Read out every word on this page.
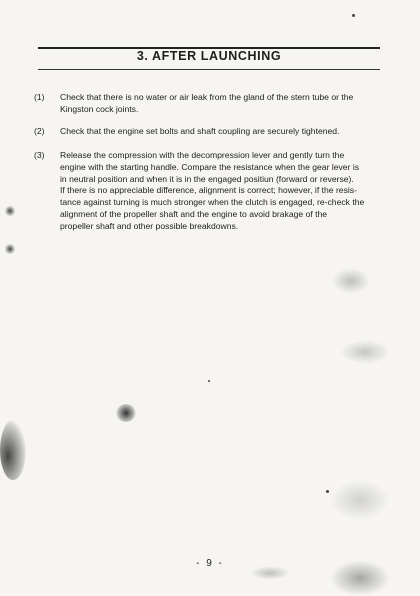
3. AFTER LAUNCHING
(1)	Check that there is no water or air leak from the gland of the stern tube or the
Kingston cock joints.
(2)	Check that the engine set bolts and shaft coupling are securely tightened.
(3)	Release the compression with the decompression lever and gently turn the
engine with the starting handle. Compare the resistance when the gear lever is
in neutral position and when it is in the engaged positiun (forward or reverse).
If there is no appreciable difference, alignment is correct; however, if the resis-
tance against turning is much stronger when the clutch is engaged, re-check the
alignment of the propeller shaft and the engine to avoid brakage of the
propeller shaft and other possible breakdowns.
- 9 -
